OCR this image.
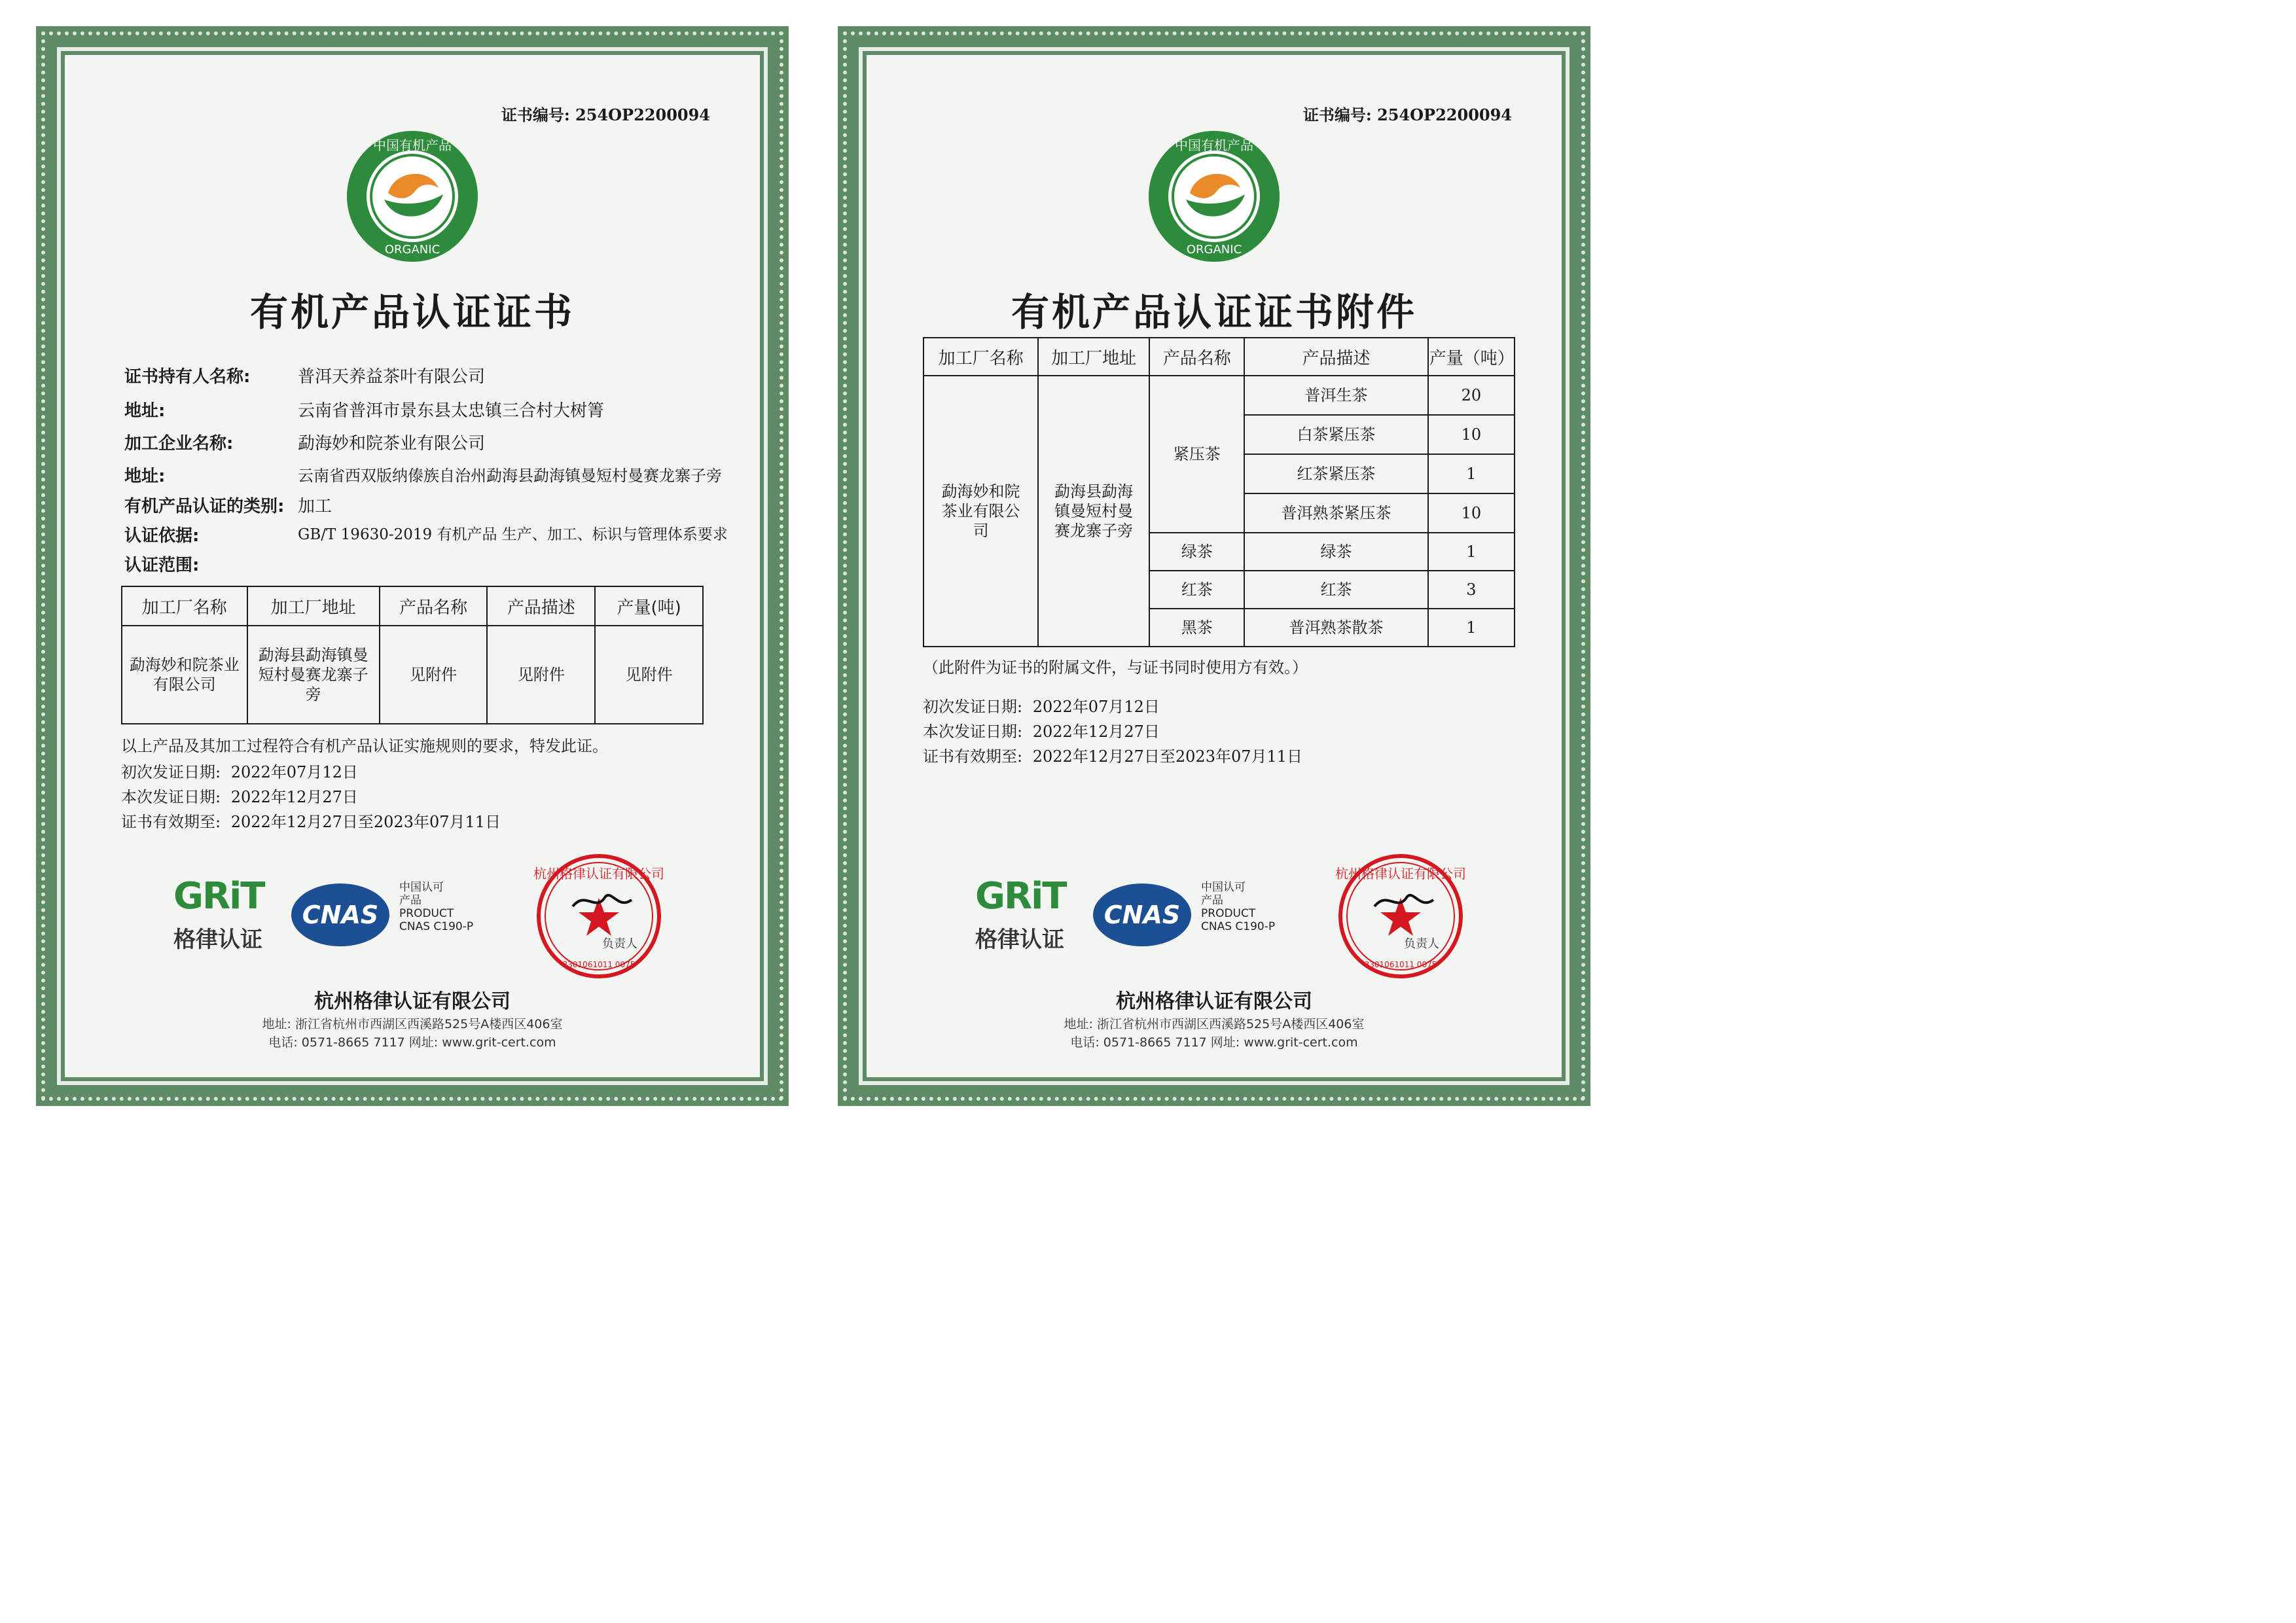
证书编号: 254OP2200094
中国有机产品
ORGANIC
有机产品认证证书
证书持有人名称:	普洱天养益茶叶有限公司
地址:	云南省普洱市景东县太忠镇三合村大树箐
加工企业名称:	勐海妙和院茶业有限公司
地址:	云南省西双版纳傣族自治州勐海县勐海镇曼短村曼赛龙寨子旁
有机产品认证的类别: 加工
认证依据:	GB/T 19630-2019 有机产品 生产、加工、标识与管理体系要求
认证范围:
加工厂名称	加工厂地址	产品名称	产品描述	产量(吨)
勐海妙和院茶业有限公司	勐海县勐海镇曼短村曼赛龙寨子旁	见附件	见附件	见附件
以上产品及其加工过程符合有机产品认证实施规则的要求，特发此证。
初次发证日期: 2022年07月12日
本次发证日期: 2022年12月27日
证书有效期至: 2022年12月27日至2023年07月11日
GRiT
格律认证
CNAS
中国认可
产品
PRODUCT
CNAS C190-P
杭州格律认证有限公司
3301061011 0075
负责人
杭州格律认证有限公司
地址: 浙江省杭州市西湖区西溪路525号A楼西区406室
电话: 0571-8665 7117 网址: www.grit-cert.com
证书编号: 254OP2200094
中国有机产品
ORGANIC
有机产品认证证书附件
加工厂名称	加工厂地址	产品名称	产品描述	产量（吨）
勐海妙和院茶业有限公司	勐海县勐海镇曼短村曼赛龙寨子旁	紧压茶	普洱生茶	20
			白茶紧压茶	10
			红茶紧压茶	1
			普洱熟茶紧压茶	10
		绿茶	绿茶	1
		红茶	红茶	3
		黑茶	普洱熟茶散茶	1
（此附件为证书的附属文件，与证书同时使用方有效。）
初次发证日期: 2022年07月12日
本次发证日期: 2022年12月27日
证书有效期至: 2022年12月27日至2023年07月11日
GRiT
格律认证
CNAS
中国认可
产品
PRODUCT
CNAS C190-P
杭州格律认证有限公司
3301061011 0075
负责人
杭州格律认证有限公司
地址: 浙江省杭州市西湖区西溪路525号A楼西区406室
电话: 0571-8665 7117 网址: www.grit-cert.com
